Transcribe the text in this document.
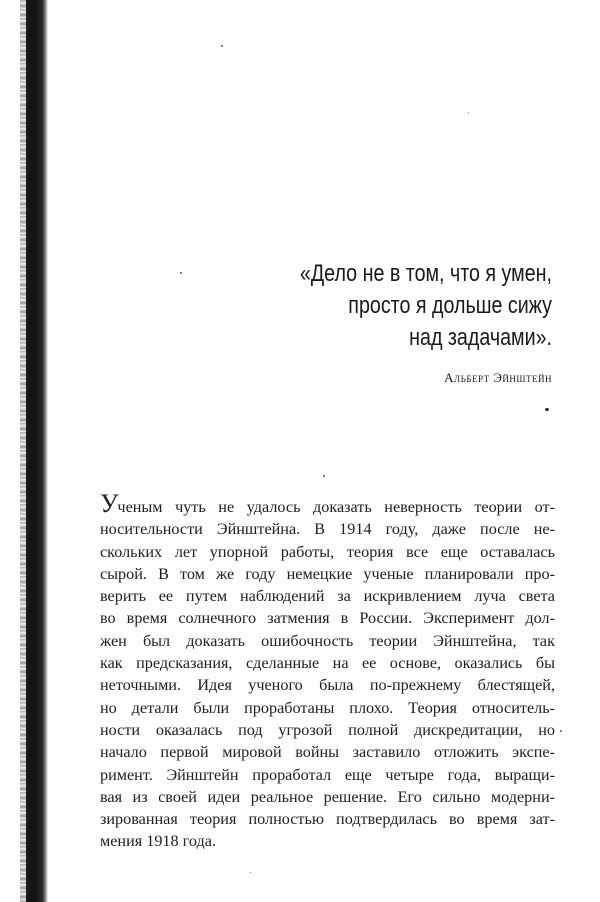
«Дело не в том, что я умен,
просто я дольше сижу
над задачами».
Альберт Эйнштейн
Ученым чуть не удалось доказать неверность теории от-
носительности Эйнштейна. В 1914 году, даже после не-
скольких лет упорной работы, теория все еще оставалась
сырой. В том же году немецкие ученые планировали про-
верить ее путем наблюдений за искривлением луча света
во время солнечного затмения в России. Эксперимент дол-
жен был доказать ошибочность теории Эйнштейна, так
как предсказания, сделанные на ее основе, оказались бы
неточными. Идея ученого была по-прежнему блестящей,
но детали были проработаны плохо. Теория относитель-
ности оказалась под угрозой полной дискредитации, но
начало первой мировой войны заставило отложить экспе-
римент. Эйнштейн проработал еще четыре года, выращи-
вая из своей идеи реальное решение. Его сильно модерни-
зированная теория полностью подтвердилась во время зат-
мения 1918 года.
